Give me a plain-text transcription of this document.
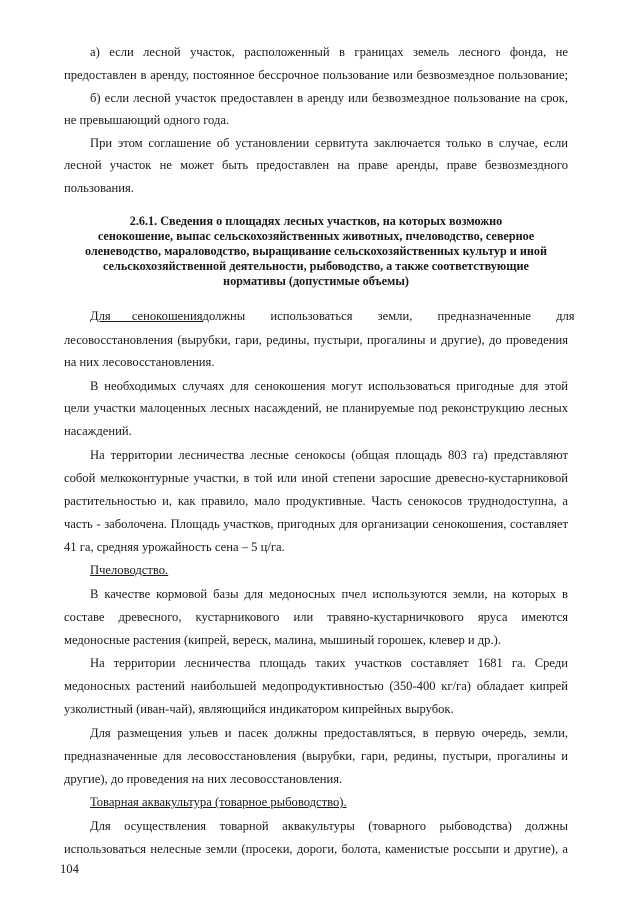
а) если лесной участок, расположенный в границах земель лесного фонда, не

предоставлен в аренду, постоянное бессрочное пользование или безвозмездное пользование;

б) если лесной участок предоставлен в аренду или безвозмездное пользование на срок,

не превышающий одного года.

При этом соглашение об установлении сервитута заключается только в случае, если

лесной участок не может быть предоставлен на праве аренды, праве безвозмездного

пользования.

2.6.1. Сведения о площадях лесных участков, на которых возможно

сенокошение, выпас сельскохозяйственных животных, пчеловодство, северное

оленеводство, мараловодство, выращивание сельскохозяйственных культур и иной

сельскохозяйственной деятельности, рыбоводство, а также соответствующие

нормативы (допустимые объемы)

Для сенокошения должны использоваться земли, предназначенные для

лесовосстановления (вырубки, гари, редины, пустыри, прогалины и другие), до проведения

на них лесовосстановления.

В необходимых случаях для сенокошения могут использоваться пригодные для этой

цели участки малоценных лесных насаждений, не планируемые под реконструкцию лесных

насаждений.

На территории лесничества лесные сенокосы (общая площадь 803 га) представляют

собой мелкоконтурные участки, в той или иной степени заросшие древесно-кустарниковой

растительностью и, как правило, мало продуктивные. Часть сенокосов труднодоступна, а

часть - заболочена. Площадь участков, пригодных для организации сенокошения, составляет

41 га, средняя урожайность сена – 5 ц/га.

Пчеловодство.

В качестве кормовой базы для медоносных пчел используются земли, на которых в

составе древесного, кустарникового или травяно-кустарничкового яруса имеются

медоносные растения (кипрей, вереск, малина, мышиный горошек, клевер и др.).

На территории лесничества площадь таких участков составляет 1681 га. Среди

медоносных растений наибольшей медопродуктивностью (350-400 кг/га) обладает кипрей

узколистный (иван-чай), являющийся индикатором кипрейных вырубок.

Для размещения ульев и пасек должны предоставляться, в первую очередь, земли,

предназначенные для лесовосстановления (вырубки, гари, редины, пустыри, прогалины и

другие), до проведения на них лесовосстановления.

Товарная аквакультура (товарное рыбоводство).

Для осуществления товарной аквакультуры (товарного рыбоводства) должны

использоваться нелесные земли (просеки, дороги, болота, каменистые россыпи и другие), а

104
